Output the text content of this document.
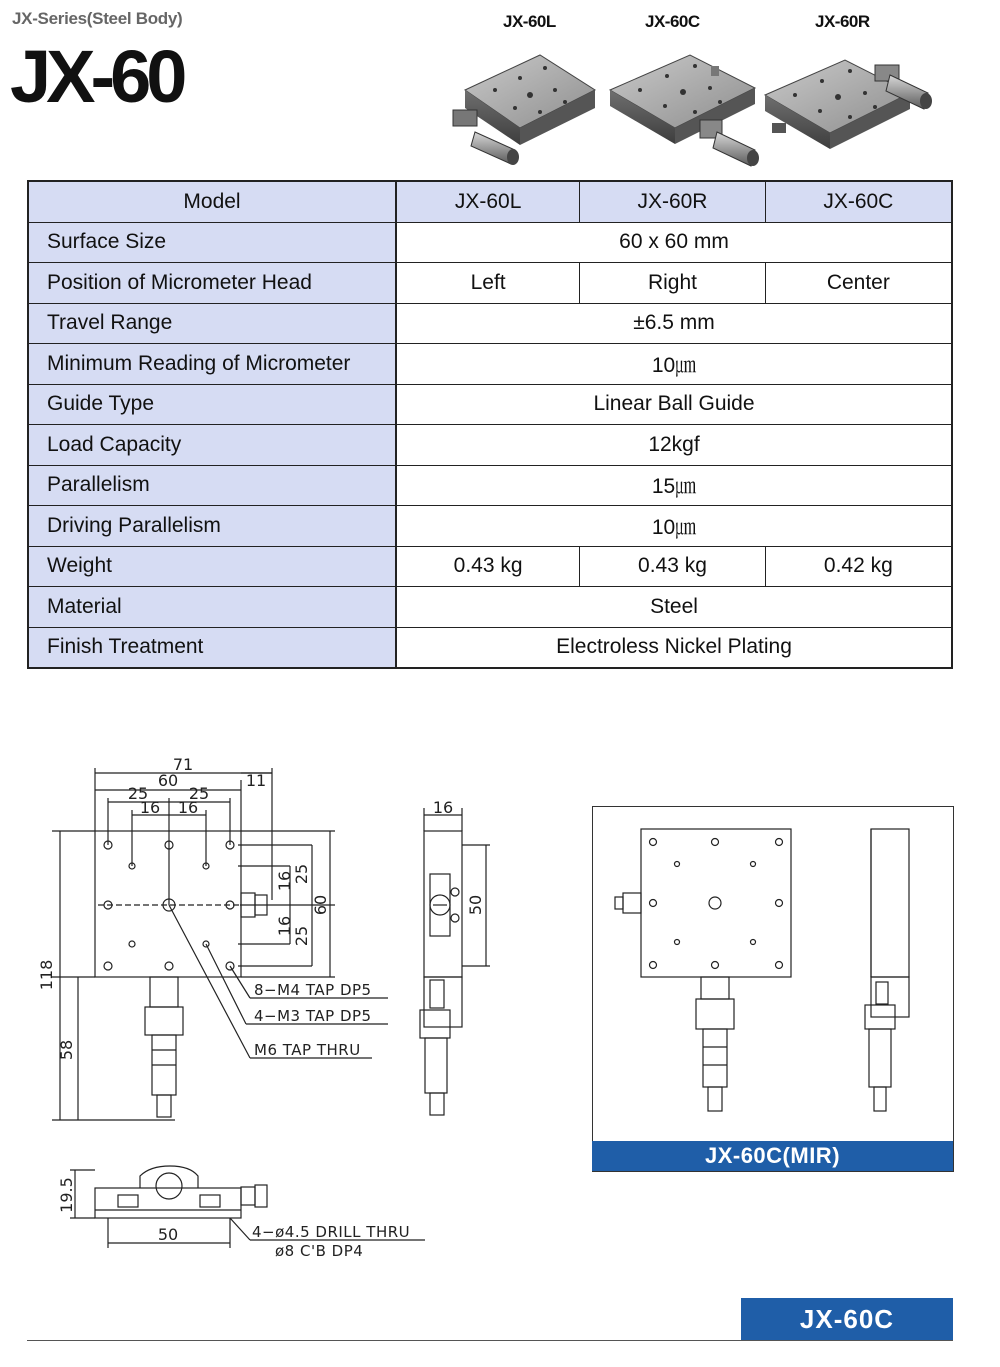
JX-Series(Steel Body)
JX-60
JX-60L	JX-60C	JX-60R
Model	JX-60L	JX-60R	JX-60C
Surface Size	60 x 60 mm		
Position of Micrometer Head	Left	Right	Center
Travel Range	±6.5 mm		
Minimum Reading of Micrometer	10㎛		
Guide Type	Linear Ball Guide		
Load Capacity	12kgf		
Parallelism	15㎛		
Driving Parallelism	10㎛		
Weight	0.43 kg	0.43 kg	0.42 kg
Material	Steel		
Finish Treatment	Electroless Nickel Plating		
71
60	11
25	25
16 16	16
50
16
25
60
16
25
118
58
50
19.5
8−M4 TAP DP5
4−M3 TAP DP5
M6 TAP THRU
4−ø4.5 DRILL THRU
ø8 C'B DP4
JX-60C(MIR)
JX-60C
